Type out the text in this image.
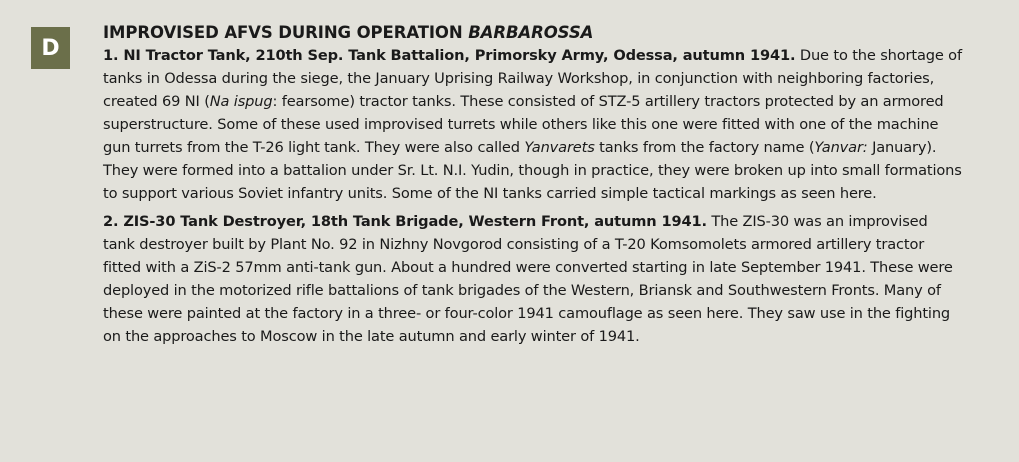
D
IMPROVISED AFVS DURING OPERATION BARBAROSSA

1. NI Tractor Tank, 210th Sep. Tank Battalion, Primorsky Army, Odessa, autumn 1941. Due to the shortage of tanks in Odessa during the siege, the January Uprising Railway Workshop, in conjunction with neighboring factories, created 69 NI (Na ispug: fearsome) tractor tanks. These consisted of STZ-5 artillery tractors protected by an armored superstructure. Some of these used improvised turrets while others like this one were fitted with one of the machine gun turrets from the T-26 light tank. They were also called Yanvarets tanks from the factory name (Yanvar: January). They were formed into a battalion under Sr. Lt. N.I. Yudin, though in practice, they were broken up into small formations to support various Soviet infantry units. Some of the NI tanks carried simple tactical markings as seen here.

2. ZIS-30 Tank Destroyer, 18th Tank Brigade, Western Front, autumn 1941. The ZIS-30 was an improvised tank destroyer built by Plant No. 92 in Nizhny Novgorod consisting of a T-20 Komsomolets armored artillery tractor fitted with a ZiS-2 57mm anti-tank gun. About a hundred were converted starting in late September 1941. These were deployed in the motorized rifle battalions of tank brigades of the Western, Briansk and Southwestern Fronts. Many of these were painted at the factory in a three- or four-color 1941 camouflage as seen here. They saw use in the fighting on the approaches to Moscow in the late autumn and early winter of 1941.
